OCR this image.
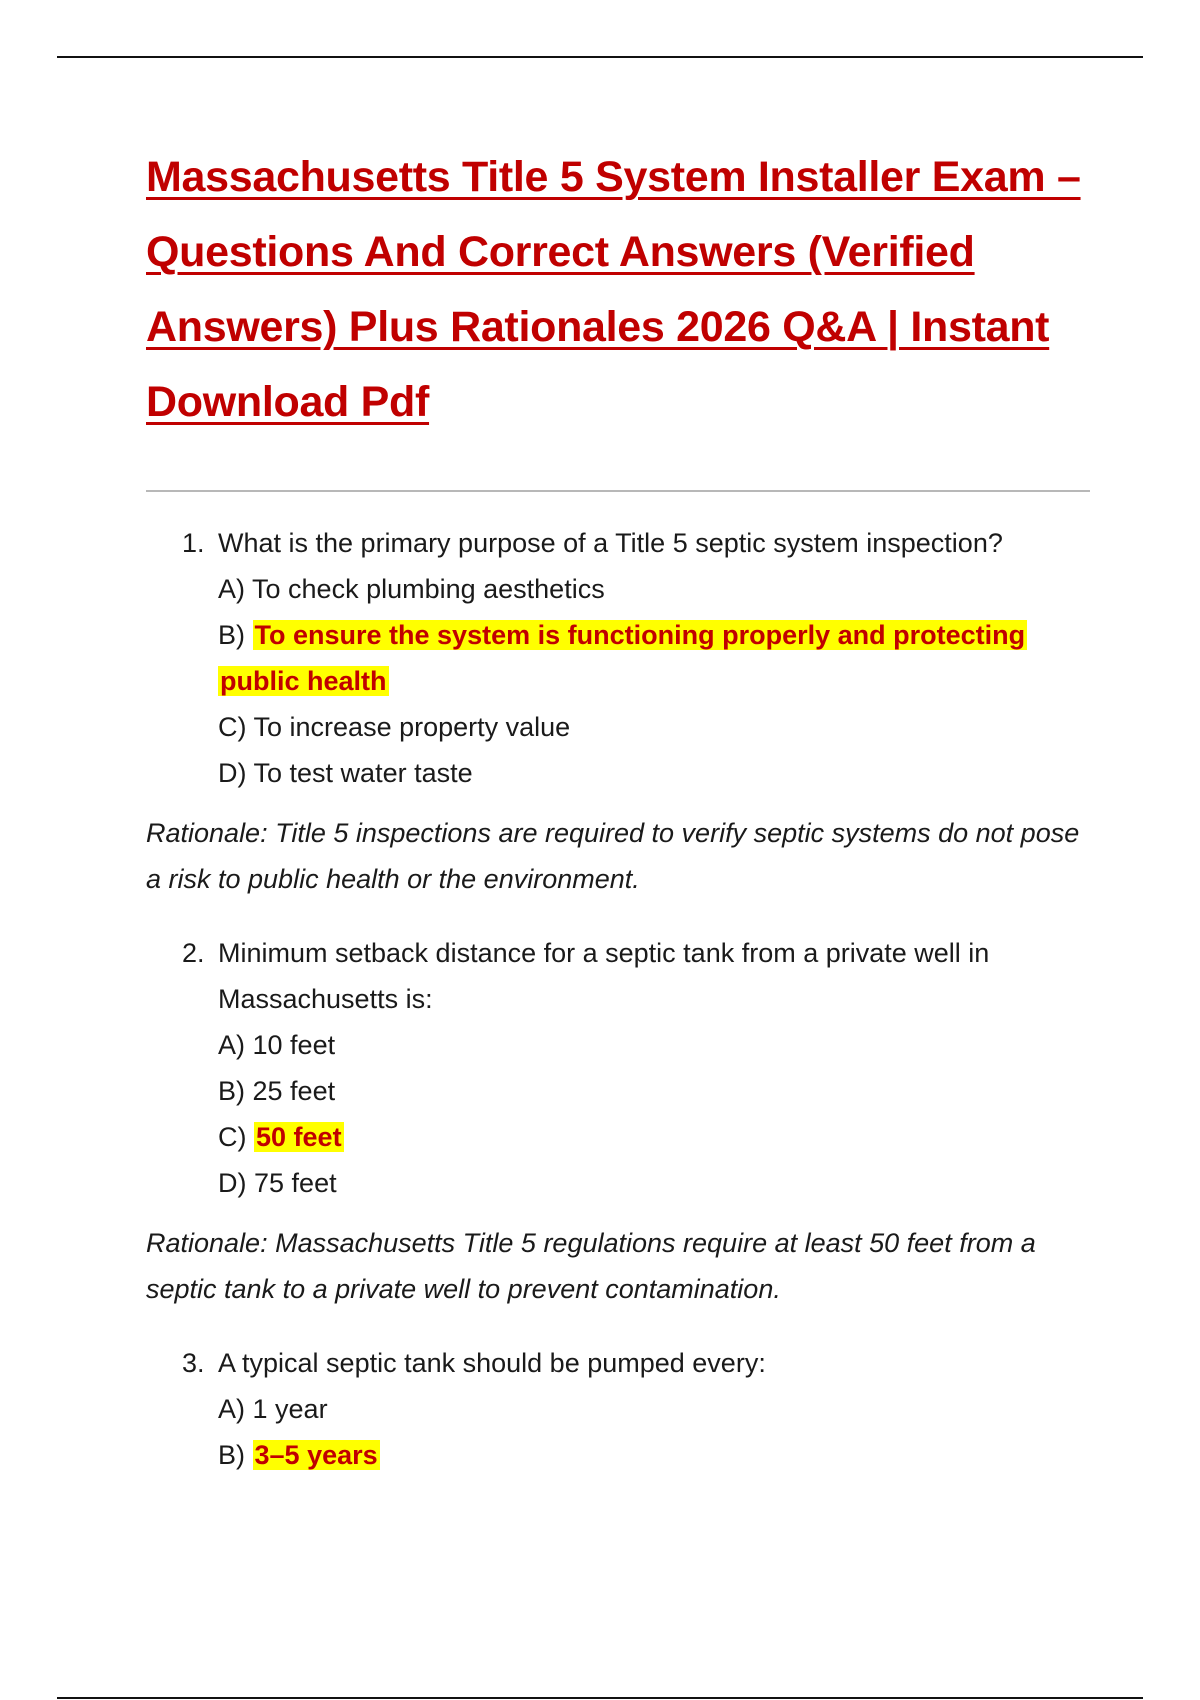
Massachusetts Title 5 System Installer Exam – Questions And Correct Answers (Verified Answers) Plus Rationales 2026 Q&A | Instant Download Pdf
1. What is the primary purpose of a Title 5 septic system inspection?

A) To check plumbing aesthetics

B) To ensure the system is functioning properly and protecting public health

C) To increase property value

D) To test water taste

Rationale: Title 5 inspections are required to verify septic systems do not pose a risk to public health or the environment.

2. Minimum setback distance for a septic tank from a private well in Massachusetts is:

A) 10 feet

B) 25 feet

C) 50 feet

D) 75 feet

Rationale: Massachusetts Title 5 regulations require at least 50 feet from a septic tank to a private well to prevent contamination.

3. A typical septic tank should be pumped every:

A) 1 year

B) 3–5 years
